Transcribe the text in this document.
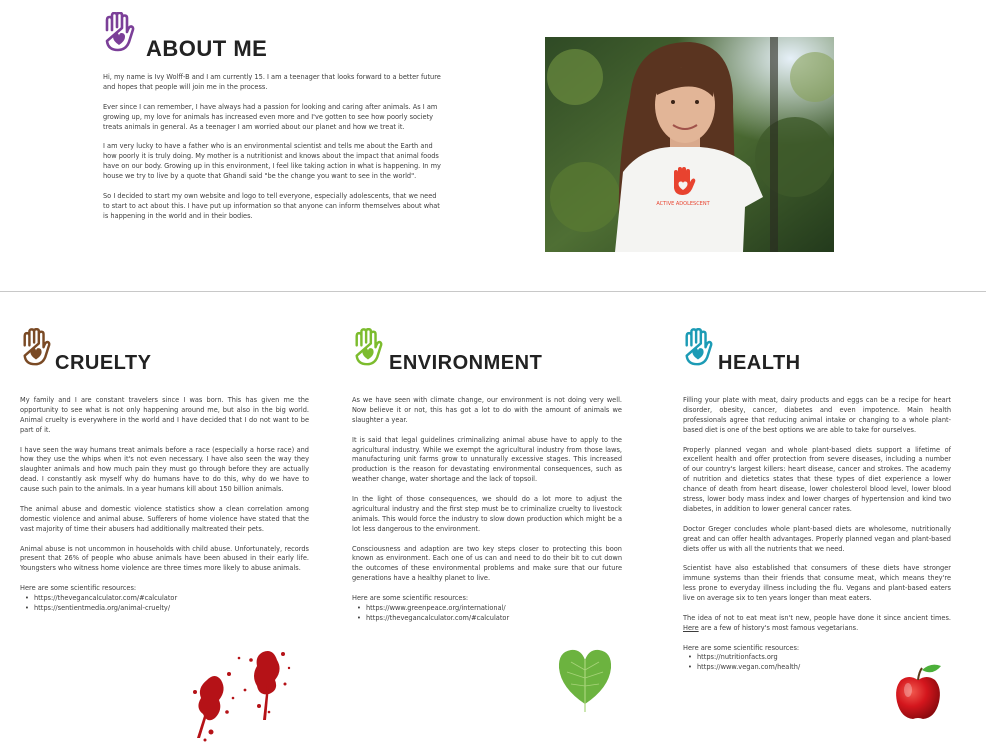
ABOUT ME

Hi, my name is Ivy Wolff-B and I am currently 15. I am a teenager that looks forward to a better future and hopes that people will join me in the process.

Ever since I can remember, I have always had a passion for looking and caring after animals. As I am growing up, my love for animals has increased even more and I've gotten to see how poorly society treats animals in general. As a teenager I am worried about our planet and how we treat it.

I am very lucky to have a father who is an environmental scientist and tells me about the Earth and how poorly it is truly doing. My mother is a nutritionist and knows about the impact that animal foods have on our body. Growing up in this environment, I feel like taking action in what is happening. In my house we try to live by a quote that Ghandi said "be the change you want to see in the world".

So I decided to start my own website and logo to tell everyone, especially adolescents, that we need to start to act about this. I have put up information so that anyone can inform themselves about what is happening in the world and in their bodies.

ACTIVE ADOLESCENT
CRUELTY

My family and I are constant travelers since I was born. This has given me the opportunity to see what is not only happening around me, but also in the big world. Animal cruelty is everywhere in the world and I have decided that I do not want to be part of it.

I have seen the way humans treat animals before a race (especially a horse race) and how they use the whips when it's not even necessary. I have also seen the way they slaughter animals and how much pain they must go through before they are actually dead. I constantly ask myself why do humans have to do this, why do we have to cause such pain to the animals. In a year humans kill about 150 billion animals.

The animal abuse and domestic violence statistics show a clean correlation among domestic violence and animal abuse. Sufferers of home violence have stated that the vast majority of time their abusers had additionally maltreated their pets.

Animal abuse is not uncommon in households with child abuse. Unfortunately, records present that 26% of people who abuse animals have been abused in their early life. Youngsters who witness home violence are three times more likely to abuse animals.

Here are some scientific resources:
• https://thevegancalculator.com/#calculator
• https://sentientmedia.org/animal-cruelty/
ENVIRONMENT

As we have seen with climate change, our environment is not doing very well. Now believe it or not, this has got a lot to do with the amount of animals we slaughter a year.

It is said that legal guidelines criminalizing animal abuse have to apply to the agricultural industry. While we exempt the agricultural industry from those laws, manufacturing unit farms grow to unnaturally excessive stages. This increased production is the reason for devastating environmental consequences, such as weather change, water shortage and the lack of topsoil.

In the light of those consequences, we should do a lot more to adjust the agricultural industry and the first step must be to criminalize cruelty to livestock animals. This would force the industry to slow down production which might be a lot less dangerous to the environment.

Consciousness and adaption are two key steps closer to protecting this boon known as environment. Each one of us can and need to do their bit to cut down the outcomes of these environmental problems and make sure that our future generations have a healthy planet to live.

Here are some scientific resources:
• https://www.greenpeace.org/international/
• https://thevegancalculator.com/#calculator
HEALTH

Filling your plate with meat, dairy products and eggs can be a recipe for heart disorder, obesity, cancer, diabetes and even impotence. Main health professionals agree that reducing animal intake or changing to a whole plant-based diet is one of the best options we are able to take for ourselves.

Properly planned vegan and whole plant-based diets support a lifetime of excellent health and offer protection from severe diseases, including a number of our country's largest killers: heart disease, cancer and strokes. The academy of nutrition and dietetics states that these types of diet experience a lower chance of death from heart disease, lower cholesterol blood level, lower blood stress, lower body mass index and lower charges of hypertension and kind two diabetes, in addition to lower general cancer rates.

Doctor Greger concludes whole plant-based diets are wholesome, nutritionally great and can offer health advantages. Properly planned vegan and plant-based diets offer us with all the nutrients that we need.

Scientist have also established that consumers of these diets have stronger immune systems than their friends that consume meat, which means they're less prone to everyday illness including the flu. Vegans and plant-based eaters live on average six to ten years longer than meat eaters.

The idea of not to eat meat isn't new, people have done it since ancient times. Here are a few of history's most famous vegetarians.

Here are some scientific resources:
• https://nutritionfacts.org
• https://www.vegan.com/health/
